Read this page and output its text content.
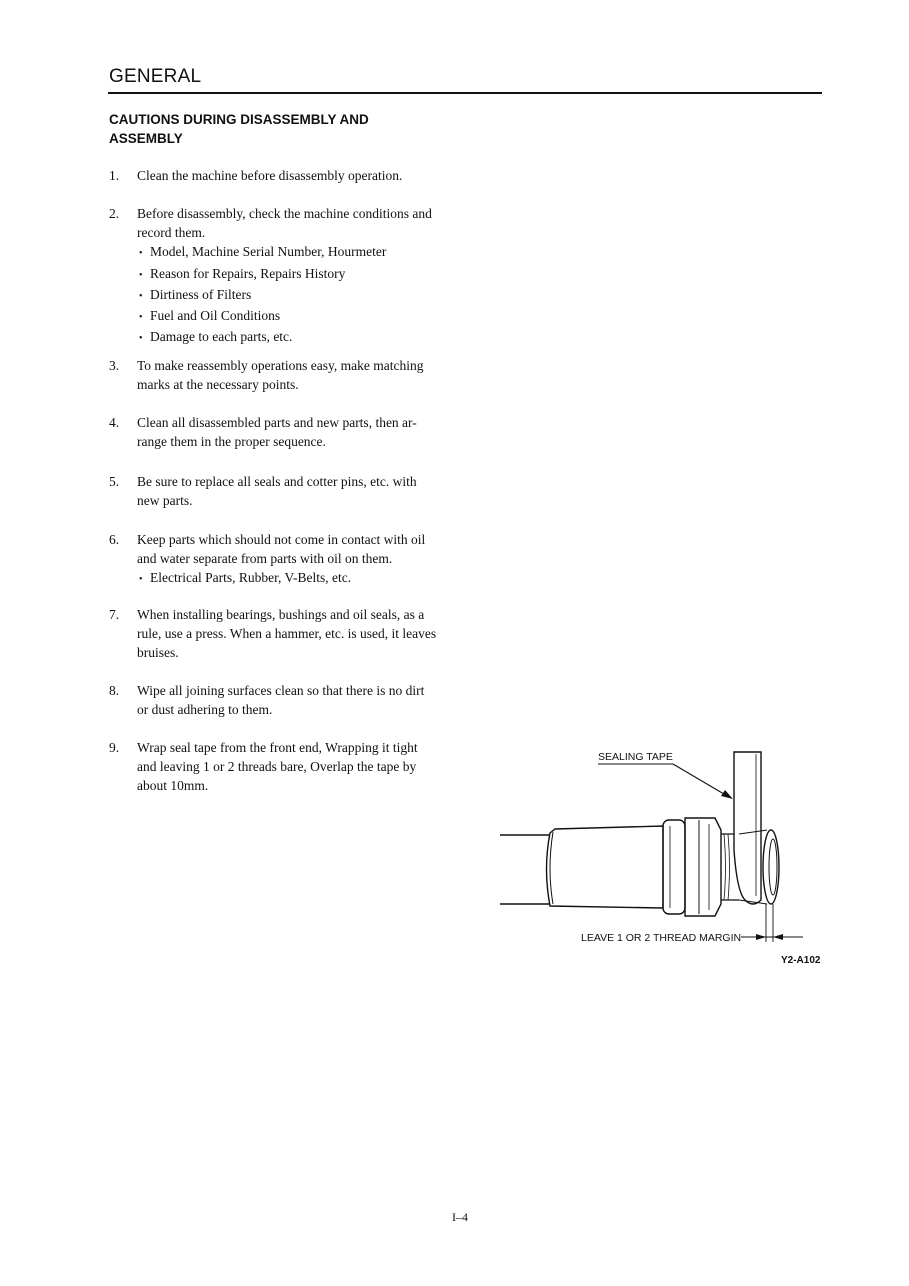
GENERAL
CAUTIONS DURING DISASSEMBLY AND ASSEMBLY
1.	Clean the machine before disassembly operation.
2.	Before disassembly, check the machine conditions and
record them.
• Model, Machine Serial Number, Hourmeter
• Reason for Repairs, Repairs History
• Dirtiness of Filters
• Fuel and Oil Conditions
• Damage to each parts, etc.
3.	To make reassembly operations easy, make matching
marks at the necessary points.
4.	Clean all disassembled parts and new parts, then ar-
range them in the proper sequence.
5.	Be sure to replace all seals and cotter pins, etc. with
new parts.
6.	Keep parts which should not come in contact with oil
and water separate from parts with oil on them.
• Electrical Parts, Rubber, V-Belts, etc.
7.	When installing bearings, bushings and oil seals, as a
rule, use a press. When a hammer, etc. is used, it leaves
bruises.
8.	Wipe all joining surfaces clean so that there is no dirt
or dust adhering to them.
9.	Wrap seal tape from the front end, Wrapping it tight
and leaving 1 or 2 threads bare, Overlap the tape by
about 10mm.
SEALING TAPE
LEAVE 1 OR 2 THREAD MARGIN
Y2-A102
I–4
